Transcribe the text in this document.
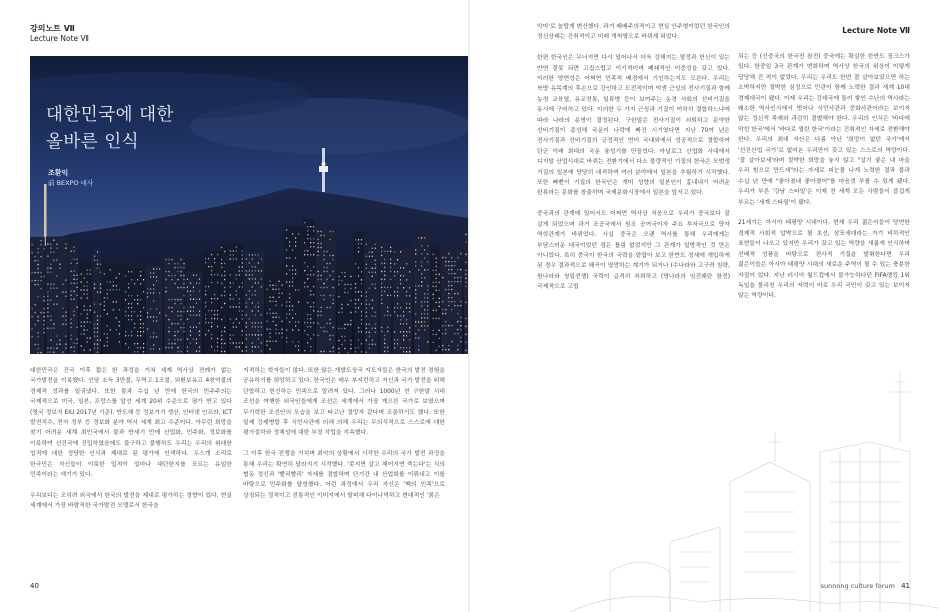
강의노트 Ⅶ
Lecture Note Ⅶ
대한민국에 대한
올바른 인식
조환익
前 BEXPO 대사

대한민국은 건국 이후 짧은 한 과정을 거쳐 세계 역사상 전례가 없는 국가발전을 이룩했다. 인당 소득 3만불, 무역고 1조불, 외환보유고 4천억불의 경제적 성과를 일궈냈다. 또한 불과 수십 년 만에 한국의 민주주의는 국제적으로 미국, 일본, 프랑스를 앞선 세계 20위 수준으로 평가 받고 있다(영국 정보지 EIU 2017년 기준). 반도체 등 정보기기 생산, 인터넷 인프라, ICT 발전지수, 전자 정부 등 정보화 분야 역시 세계 최고 수준이다. 아무런 희망을 찾기 어려운 세계 최빈국에서 불과 반세기 만에 산업화, 민주화, 정보화를 이룩하여 선진국에 진입하였음에도 불구하고 불행하도 우리는 우리의 위대한 업적에 대한 정당한 인식과 제대로 된 평가에 인색하다. 우스개 소리로 한국민은 자신들이 이룩한 업적이 얼마나 대단한지를 모르는 유일한 민족이라는 얘기가 있다.

우리보다는 오히려 외국에서 한국의 발전을 제대로 평가하는 경향이 있다. 현실 세계에서 가장 바람직한 국가발전 모델로서 한국을

지적하는 학자들이 많다. 또한 많은 개발도상국 지도자들은 한국의 발전 경험을 공유하기를 희망하고 있다. 한국인은 매우 부지런하고 자신과 국가 발전을 위해 단합하고 헌신하는 민족으로 알려져 있다. 그러나 1000년 전 구한말 시대 조선을 여행한 외국인들에게 조선은 세계에서 가장 게으른 국가로 보였으며 무기력한 조선인의 모습을 보고 타고난 절망자 같다며 조롱하기도 했다. 또한 일제 강제병합 후 식민사관에 의해 의해 우리는 무의식적으로 스스로에 대한 평가절하와 정체성에 대한 부정 작업을 지속했다.

그 이후 한국 전쟁을 거치며 최악의 상황에서 시작한 우리의 국가 발전 과정을 통해 우리는 확연히 달라지기 시작했다. '못지면 살고 헤어지면 죽는다'는 식의 협동 정신과 '빨리빨리' 자세를 결합하며 단기간 내 산업화를 이뤄내고 이를 바탕으로 민주화를 달성했다. 이런 과정에서 우리 자신은 '백의 민족'으로 상징되는 정적이고 전통적인 이미지에서 탈피해 다이나믹하고 현대적인 '붉은

40
Lecture Note Ⅶ

악마'로 놀랍게 변신했다. 과거 패배주의적이고 현실 안주형이었던 한국인의 정신상태는 진취적이고 미래 개척형으로 바뀌게 되었다.

한편 한국인은 무너지면 다시 일어나서 더욱 강해지는 열정과 헌신이 있는 반면 잘못 되면 고집스럽고 이기적이며 폐쇄적인 이중성을 갖고 있다. 이러한 양면성은 어쩌면 민족적 배경에서 기인하는지도 모른다. 우리는 북방 유목계의 후손으로 강인하고 도전적이며 억센 근성의 전사기질과 함께 농경 교육열, 유교전통, 일류병 등이 보여주는 농경 사회의 선비기질을 동시에 구비하고 있다. 이러한 두 가지 근성과 기질이 여하히 결합하느냐에 따라 나라의 운명이 결정된다. 구한말은 전사기질이 쇠퇴하고 문약한 선비기질이 종성해 국운이 나락에 빠진 시기였다면 지난 70여 년은 전사기질과 선비기질의 긍정적인 면이 국내외에서 성공적으로 결합하여 단군 이래 최대의 국운 융성기를 만들었다. 아널로그 산업화 시대에서 디지털 산업시대로 바뀌는 전환기에서 다소 불량적인 기질의 한국은 모범생 기질의 일본에 당당히 대적하며 여러 분야에서 일본을 추월하기 시작했다. 또한 빠뻔이 기질의 한국인은 개미 성향의 일본인이 흉내내기 어려운 한류라는 문화를 창출하며 국제문화시장에서 일본을 앞서고 있다.

중국과의 관계에 있어서도 어쩌면 역사상 처음으로 우리가 중국보다 잘 살게 되었으며 과거 조공국에서 원조 공여국이자 주요 투자국으로 양자 역학관계가 바뀌었다. 사실 중국은 오랜 역사를 통해 우리에게는 부담스러운 대국이었던 점은 틀림 없었지만 그 관계가 일방적인 것 만은 아니었다. 특히 중국이 한국의 국력을 얕잡아 보고 한반도 정세에 개입하게 된 경우 결과적으로 왜곡이 멸망하는 계기가 되거나 (수나라와 고구려 침략, 원나라와 청일전쟁) 국력이 급격히 쇠퇴하고 (명나라의 임진왜란 참전) 국제적으로 고립

되는 등 (신중국의 한국전 참전) 중국에는 확실한 한반도 징크스가 있다. 한중일 3국 관계가 변화하며 역사상 한국의 위상이 이렇게 당당해 진 적이 없었다. 우리는 우리도 한번 잘 살아보았으면 하는 소박하지만 절박한 심정으로 민관이 함께 노력한 결과 세계 10대 경제대국이 됐다. 이제 우리는 강대국에 둘러 쌓인 수난의 역사라는 왜소한 역사인식에서 벗어나 식민사관과 중화사관이라는 보이지 않는 정신적 족쇄와 과감히 결별해야 한다. 우리의 인식은 '바다에 막힌 한국'에서 '바다로 열린 한국'이라는 진취적인 자세로 전환해야 한다. 우리의 최대 자산은 다름 아닌 '희망이 없던 국가'에서 '선진산업 국가'로 없어온 우리만이 갖고 있는 스스로의 역량이다. '잘 살아보세'라며 절박한 희망을 놓지 않고 "살기 좋은 내 마을 우리 힘으로 만드세"라는 자세로 피눈물 나게 노력한 결과 불과 수십 년 만에 "좋아졌네 좋아졌어"를 마음껏 부를 수 있게 됐다. 우리가 부른 '강남 스타일'은 이제 전 세계 모든 사람들이 즐겁게 부르는 '세계 스타일'이 됐다.

21세기는 아시아 태평양 시대이다. 현재 우리 젊은이들이 당면한 경제적 사회적 압박으로 될 초선, 삼포세대라는 자기 비하적인 표현들이 나오고 있지만 우리가 갖고 있는 역량을 새롭게 인식하며 선배적 성품을 바탕으로 전사적 기질을 발휘한다면 우리 젊은이들은 아시아 태평양 시대의 새로운 주역이 될 수 있는 충분한 자질이 있다. 지난 러시아 월드컵에서 불가능하다던 FIFA랭킹 1위 독일을 물리친 우리의 저력이 바로 우리 국민이 갖고 있는 보이지 않는 역량이다.

sunnong culture forum 41
